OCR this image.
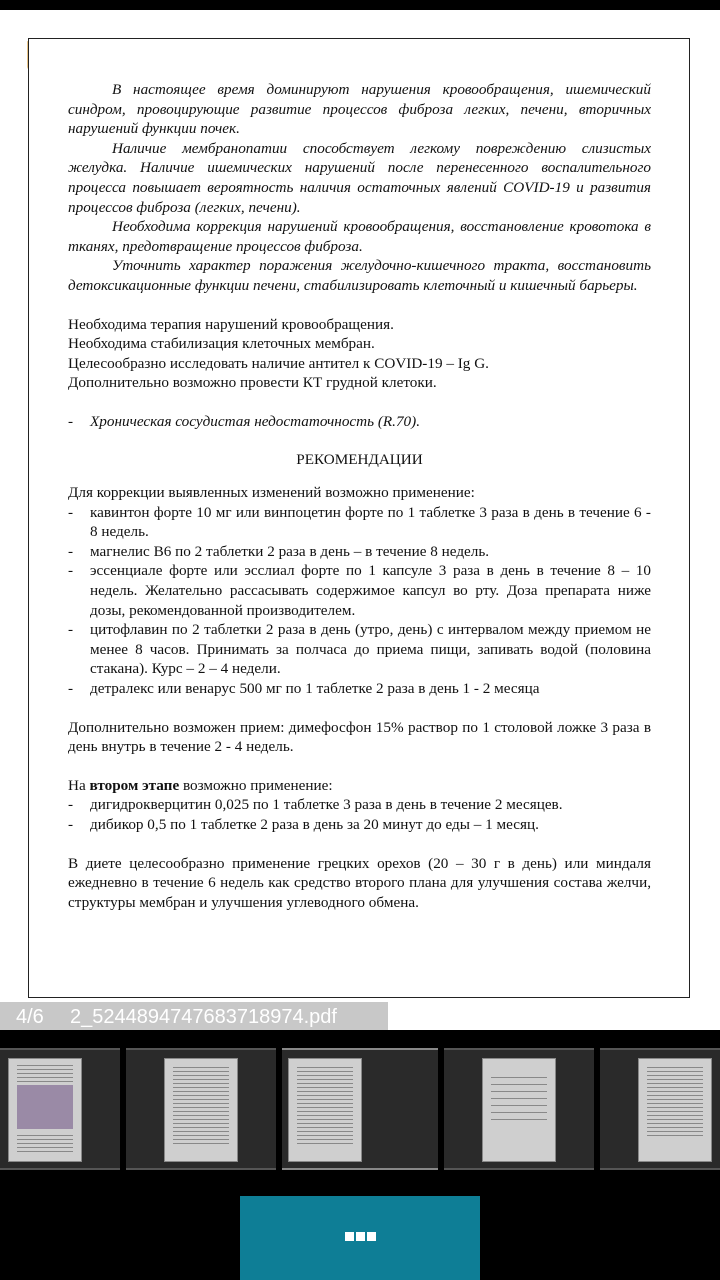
В настоящее время доминируют нарушения кровообращения, ишемический синдром, провоцирующие развитие процессов фиброза легких, печени, вторичных нарушений функции почек.

Наличие мембранопатии способствует легкому повреждению слизистых желудка. Наличие ишемических нарушений после перенесенного воспалительного процесса повышает вероятность наличия остаточных явлений COVID-19 и развития процессов фиброза (легких, печени).

Необходима коррекция нарушений кровообращения, восстановление кровотока в тканях, предотвращение процессов фиброза.

Уточнить характер поражения желудочно-кишечного тракта, восстановить детоксикационные функции печени, стабилизировать клеточный и кишечный барьеры.

Необходима терапия нарушений кровообращения.

Необходима стабилизация клеточных мембран.

Целесообразно исследовать наличие антител к COVID-19 – Ig G.

Дополнительно возможно провести КТ грудной клетоки.

- Хроническая сосудистая недостаточность (R.70).

РЕКОМЕНДАЦИИ

Для коррекции выявленных изменений возможно применение:

- кавинтон форте 10 мг или винпоцетин форте по 1 таблетке 3 раза в день в течение 6 - 8 недель.

- магнелис В6 по 2 таблетки 2 раза в день – в течение 8 недель.

- эссенциале форте или эсслиал форте по 1 капсуле 3 раза в день в течение 8 – 10 недель. Желательно рассасывать содержимое капсул во рту. Доза препарата ниже дозы, рекомендованной производителем.

- цитофлавин по 2 таблетки 2 раза в день (утро, день) с интервалом между приемом не менее 8 часов. Принимать за полчаса до приема пищи, запивать водой (половина стакана). Курс – 2 – 4 недели.

- детралекс или венарус 500 мг по 1 таблетке 2 раза в день 1 - 2 месяца

Дополнительно возможен прием: димефосфон 15% раствор по 1 столовой ложке 3 раза в день внутрь в течение 2 - 4 недель.

На втором этапе возможно применение:

- дигидрокверцитин 0,025 по 1 таблетке 3 раза в день в течение 2 месяцев.

- дибикор 0,5 по 1 таблетке 2 раза в день за 20 минут до еды – 1 месяц.

В диете целесообразно применение грецких орехов (20 – 30 г в день) или миндаля ежедневно в течение 6 недель как средство второго плана для улучшения состава желчи, структуры мембран и улучшения углеводного обмена.

4/6 2_5244894747683718974.pdf
